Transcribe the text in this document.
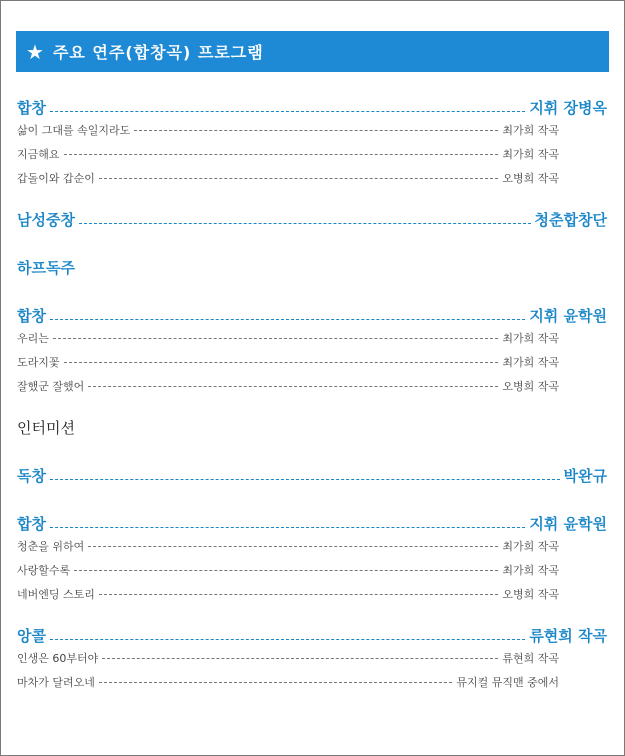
★ 주요 연주(합창곡) 프로그램
합창	지휘 장병옥
삶이 그대를 속일지라도	최가희 작곡
지금해요	최가희 작곡
갑돌이와 갑순이	오병희 작곡
남성중창	청춘합창단
하프독주
합창	지휘 윤학원
우리는	최가희 작곡
도라지꽃	최가희 작곡
잘했군 잘했어	오병희 작곡
인터미션
독창	박완규
합창	지휘 윤학원
청춘을 위하여	최가희 작곡
사랑할수록	최가희 작곡
네버엔딩 스토리	오병희 작곡
앙콜	류현희 작곡
인생은 60부터야	류현희 작곡
마차가 달려오네	뮤지컬 뮤직맨 중에서
